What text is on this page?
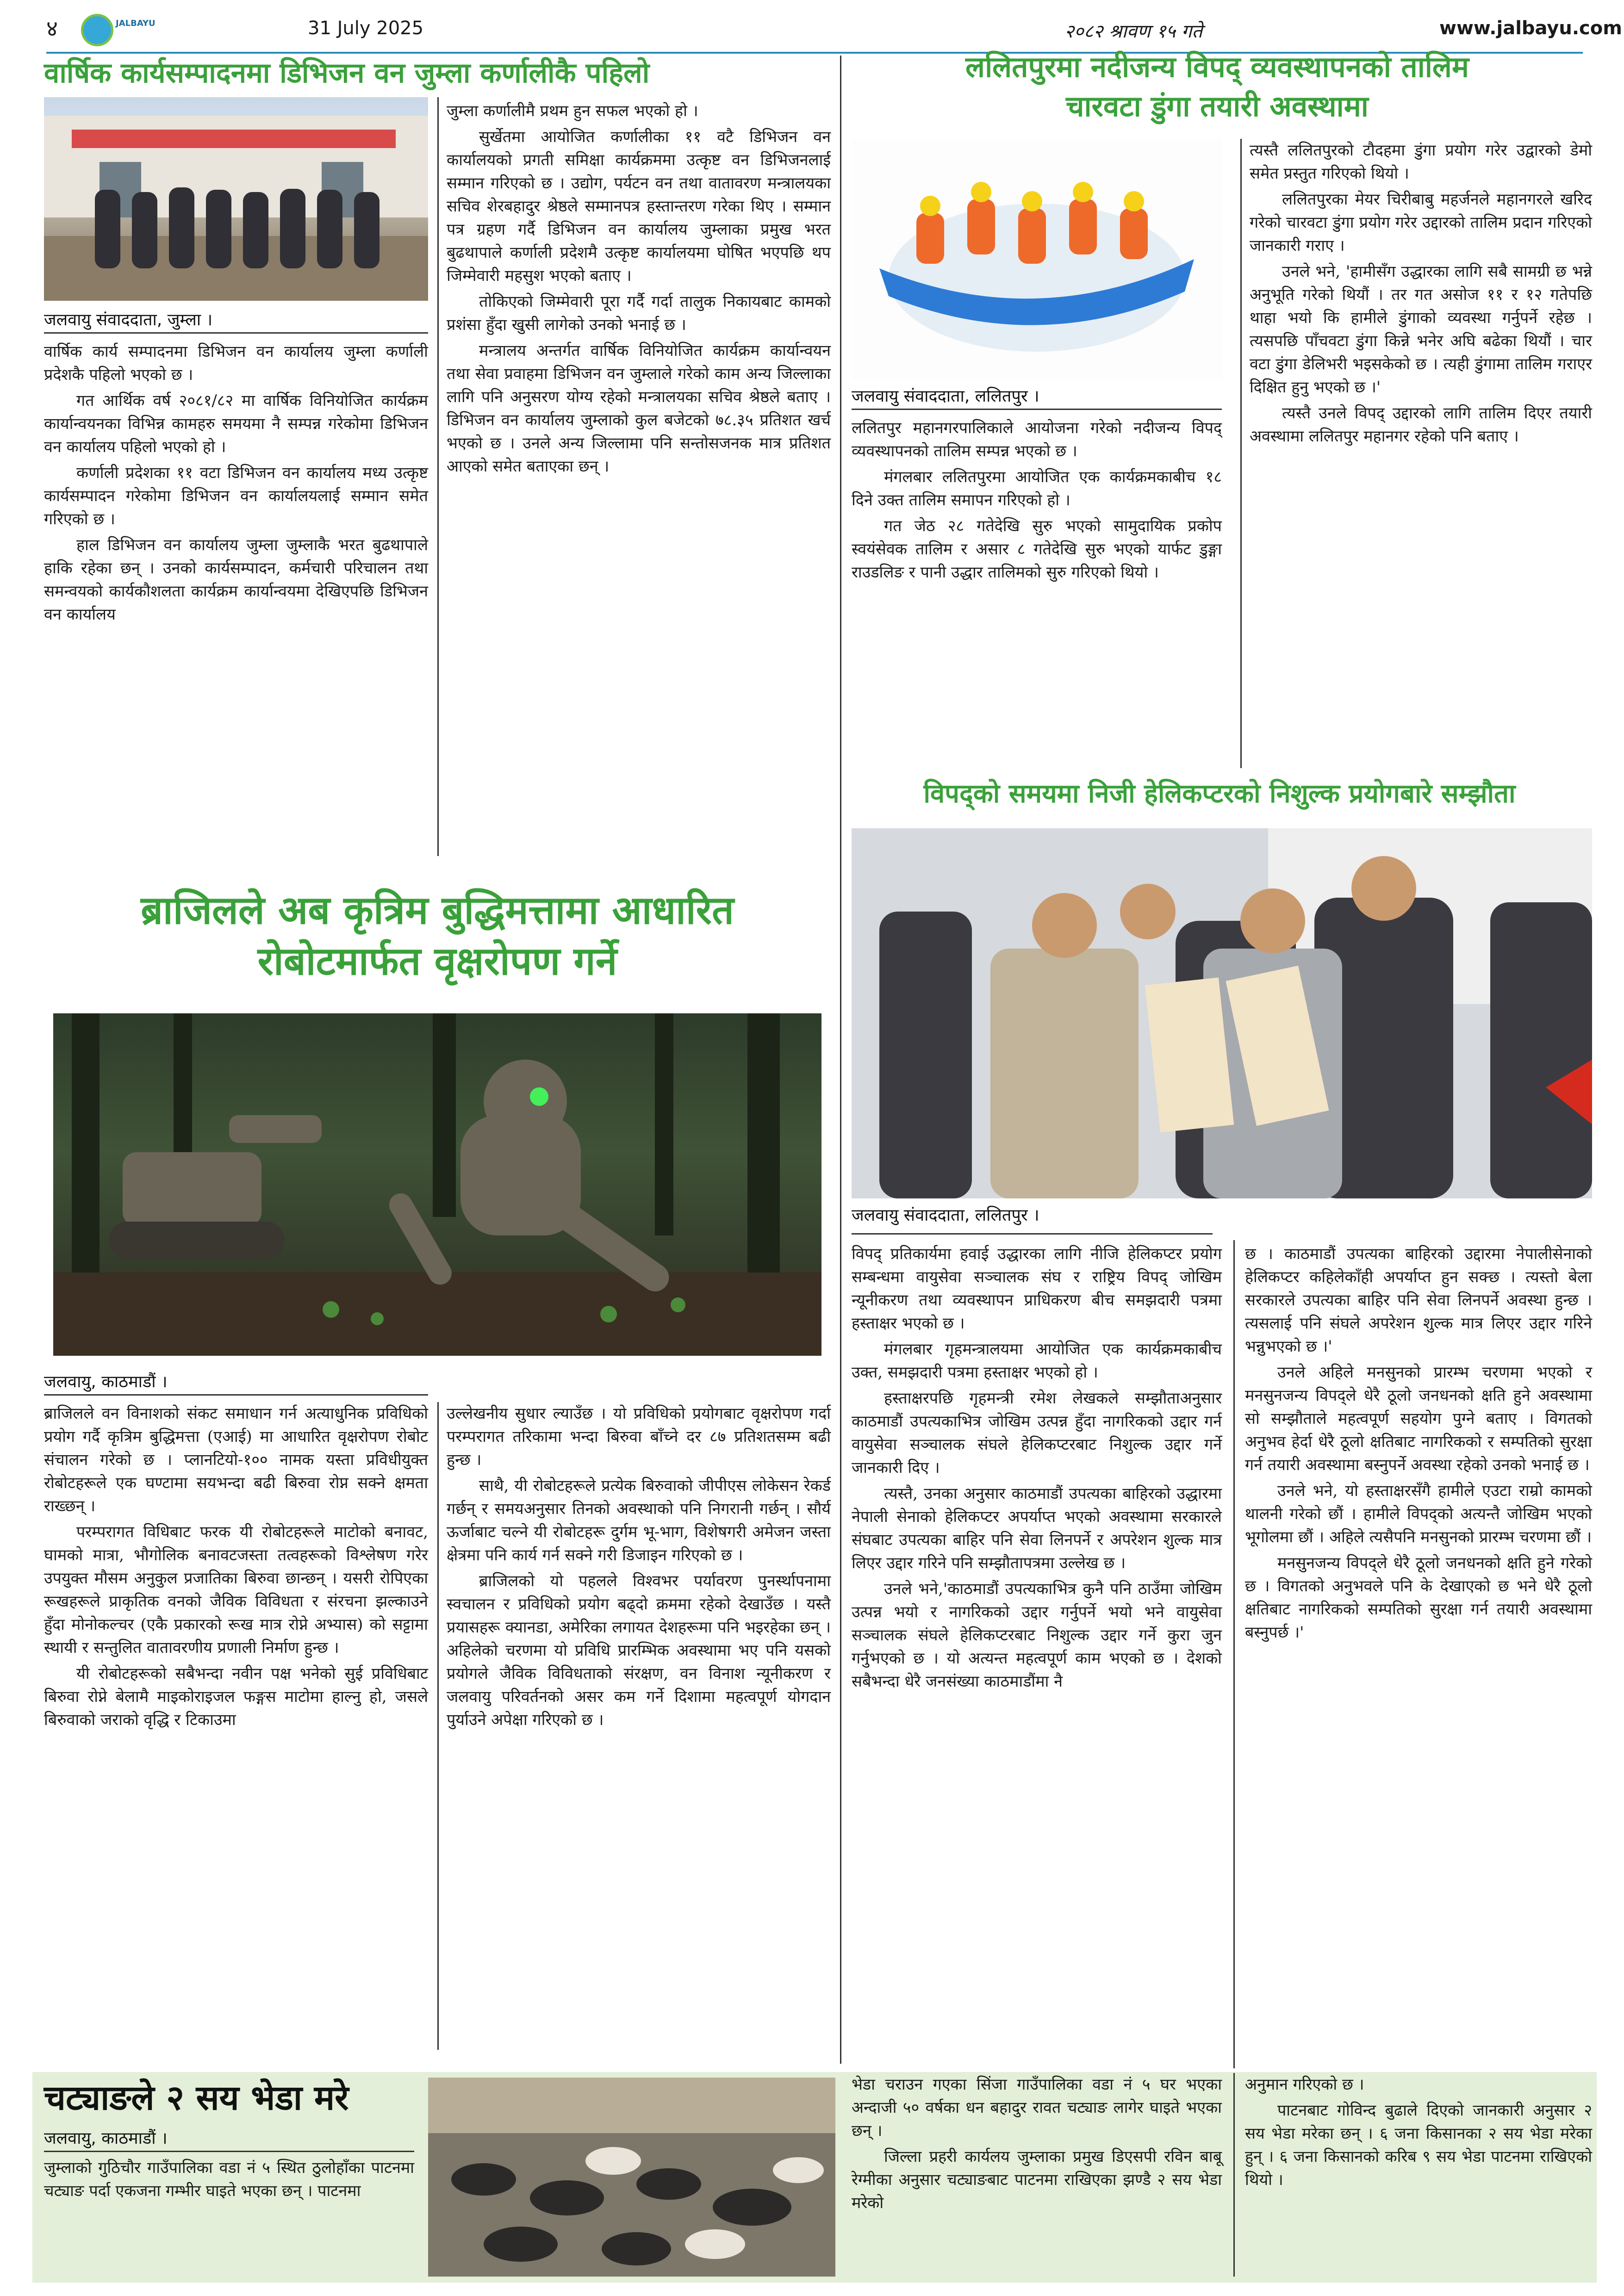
४	JALBAYU	31 July 2025	२०८२ श्रावण १५ गते	www.jalbayu.com
वार्षिक कार्यसम्पादनमा डिभिजन वन जुम्ला कर्णालीकै पहिलो
जलवायु संवाददाता, जुम्ला ।

वार्षिक कार्य सम्पादनमा डिभिजन वन कार्यालय जुम्ला कर्णाली प्रदेशकै पहिलो भएको छ ।

गत आर्थिक वर्ष २०८१/८२ मा वार्षिक विनियोजित कार्यक्रम कार्यान्वयनका विभिन्न कामहरु समयमा नै सम्पन्न गरेकोमा डिभिजन वन कार्यालय पहिलो भएको हो ।

कर्णाली प्रदेशका ११ वटा डिभिजन वन कार्यालय मध्य उत्कृष्ट कार्यसम्पादन गरेकोमा डिभिजन वन कार्यालयलाई सम्मान समेत गरिएको छ ।

हाल डिभिजन वन कार्यालय जुम्ला जुम्लाकै भरत बुढथापाले हाकि रहेका छन् । उनको कार्यसम्पादन, कर्मचारी परिचालन तथा समन्वयको कार्यकौशलता कार्यक्रम कार्यान्वयमा देखिएपछि डिभिजन वन कार्यालय

जुम्ला कर्णालीमै प्रथम हुन सफल भएको हो ।

सुर्खेतमा आयोजित कर्णालीका ११ वटै डिभिजन वन कार्यालयको प्रगती समिक्षा कार्यक्रममा उत्कृष्ट वन डिभिजनलाई सम्मान गरिएको छ । उद्योग, पर्यटन वन तथा वातावरण मन्त्रालयका सचिव शेरबहादुर श्रेष्ठले सम्मानपत्र हस्तान्तरण गरेका थिए । सम्मान पत्र ग्रहण गर्दै डिभिजन वन कार्यालय जुम्लाका प्रमुख भरत बुढथापाले कर्णाली प्रदेशमै उत्कृष्ट कार्यालयमा घोषित भएपछि थप जिम्मेवारी महसुश भएको बताए ।

तोकिएको जिम्मेवारी पूरा गर्दै गर्दा तालुक निकायबाट कामको प्रशंसा हुँदा खुसी लागेको उनको भनाई छ ।

मन्त्रालय अन्तर्गत वार्षिक विनियोजित कार्यक्रम कार्यान्वयन तथा सेवा प्रवाहमा डिभिजन वन जुम्लाले गरेको काम अन्य जिल्लाका लागि पनि अनुसरण योग्य रहेको मन्त्रालयका सचिव श्रेष्ठले बताए । डिभिजन वन कार्यालय जुम्लाको कुल बजेटको ७८.३५ प्रतिशत खर्च भएको छ । उनले अन्य जिल्लामा पनि सन्तोसजनक मात्र प्रतिशत आएको समेत बताएका छन् ।

ललितपुरमा नदीजन्य विपद् व्यवस्थापनको तालिम
चारवटा डुंगा तयारी अवस्थामा
जलवायु संवाददाता, ललितपुर ।

ललितपुर महानगरपालिकाले आयोजना गरेको नदीजन्य विपद् व्यवस्थापनको तालिम सम्पन्न भएको छ ।

मंगलबार ललितपुरमा आयोजित एक कार्यक्रमकाबीच १८ दिने उक्त तालिम समापन गरिएको हो ।

गत जेठ २८ गतेदेखि सुरु भएको सामुदायिक प्रकोप स्वयंसेवक तालिम र असार ८ गतेदेखि सुरु भएको यार्फट डुङ्गा राउडलिङ र पानी उद्धार तालिमको सुरु गरिएको थियो ।

त्यस्तै ललितपुरको टौदहमा डुंगा प्रयोग गरेर उद्वारको डेमो समेत प्रस्तुत गरिएको थियो ।

ललितपुरका मेयर चिरीबाबु महर्जनले महानगरले खरिद गरेको चारवटा डुंगा प्रयोग गरेर उद्दारको तालिम प्रदान गरिएको जानकारी गराए ।

उनले भने, 'हामीसँग उद्धारका लागि सबै सामग्री छ भन्ने अनुभूति गरेको थियौं । तर गत असोज ११ र १२ गतेपछि थाहा भयो कि हामीले डुंगाको व्यवस्था गर्नुपर्ने रहेछ । त्यसपछि पाँचवटा डुंगा किन्ने भनेर अघि बढेका थियौं । चार वटा डुंगा डेलिभरी भइसकेको छ । त्यही डुंगामा तालिम गराएर दिक्षित हुनु भएको छ ।'

त्यस्तै उनले विपद् उद्दारको लागि तालिम दिएर तयारी अवस्थामा ललितपुर महानगर रहेको पनि बताए ।

विपद्को समयमा निजी हेलिकप्टरको निशुल्क प्रयोगबारे सम्झौता
जलवायु संवाददाता, ललितपुर ।

विपद् प्रतिकार्यमा हवाई उद्धारका लागि नीजि हेलिकप्टर प्रयोग सम्बन्धमा वायुसेवा सञ्चालक संघ र राष्ट्रिय विपद् जोखिम न्यूनीकरण तथा व्यवस्थापन प्राधिकरण बीच समझदारी पत्रमा हस्ताक्षर भएको छ ।

मंगलबार गृहमन्त्रालयमा आयोजित एक कार्यक्रमकाबीच उक्त, समझदारी पत्रमा हस्ताक्षर भएको हो ।

हस्ताक्षरपछि गृहमन्त्री रमेश लेखकले सम्झौताअनुसार काठमाडौं उपत्यकाभित्र जोखिम उत्पन्न हुँदा नागरिकको उद्दार गर्न वायुसेवा सञ्चालक संघले हेलिकप्टरबाट निशुल्क उद्दार गर्ने जानकारी दिए ।

त्यस्तै, उनका अनुसार काठमाडौं उपत्यका बाहिरको उद्धारमा नेपाली सेनाको हेलिकप्टर अपर्याप्त भएको अवस्थामा सरकारले संघबाट उपत्यका बाहिर पनि सेवा लिनपर्ने र अपरेशन शुल्क मात्र लिएर उद्दार गरिने पनि सम्झौतापत्रमा उल्लेख छ ।

उनले भने,'काठमाडौं उपत्यकाभित्र कुनै पनि ठाउँमा जोखिम उत्पन्न भयो र नागरिकको उद्दार गर्नुपर्ने भयो भने वायुसेवा सञ्चालक संघले हेलिकप्टरबाट निशुल्क उद्दार गर्ने कुरा जुन गर्नुभएको छ । यो अत्यन्त महत्वपूर्ण काम भएको छ । देशको सबैभन्दा धेरै जनसंख्या काठमाडौंमा नै

छ । काठमाडौं उपत्यका बाहिरको उद्दारमा नेपालीसेनाको हेलिकप्टर कहिलेकाँही अपर्याप्त हुन सक्छ । त्यस्तो बेला सरकारले उपत्यका बाहिर पनि सेवा लिनपर्ने अवस्था हुन्छ । त्यसलाई पनि संघले अपरेशन शुल्क मात्र लिएर उद्दार गरिने भन्नुभएको छ ।'

उनले अहिले मनसुनको प्रारम्भ चरणमा भएको र मनसुनजन्य विपद्ले धेरै ठूलो जनधनको क्षति हुने अवस्थामा सो सम्झौताले महत्वपूर्ण सहयोग पुग्ने बताए । विगतको अनुभव हेर्दा धेरै ठूलो क्षतिबाट नागरिकको र सम्पतिको सुरक्षा गर्न तयारी अवस्थामा बस्नुपर्ने अवस्था रहेको उनको भनाई छ ।

उनले भने, यो हस्ताक्षरसँगै हामीले एउटा राम्रो कामको थालनी गरेको छौं । हामीले विपद्को अत्यन्तै जोखिम भएको भूगोलमा छौं । अहिले त्यसैपनि मनसुनको प्रारम्भ चरणमा छौं ।

मनसुनजन्य विपद्ले धेरै ठूलो जनधनको क्षति हुने गरेको छ । विगतको अनुभवले पनि के देखाएको छ भने धेरै ठूलो क्षतिबाट नागरिकको सम्पतिको सुरक्षा गर्न तयारी अवस्थामा बस्नुपर्छ ।'

ब्राजिलले अब कृत्रिम बुद्धिमत्तामा आधारित
रोबोटमार्फत वृक्षरोपण गर्ने
जलवायु, काठमाडौं ।

ब्राजिलले वन विनाशको संकट समाधान गर्न अत्याधुनिक प्रविधिको प्रयोग गर्दै कृत्रिम बुद्धिमत्ता (एआई) मा आधारित वृक्षरोपण रोबोट संचालन गरेको छ । प्लानटियो-१०० नामक यस्ता प्रविधीयुक्त रोबोटहरूले एक घण्टामा सयभन्दा बढी बिरुवा रोप्न सक्ने क्षमता राख्छन् ।

परम्परागत विधिबाट फरक यी रोबोटहरूले माटोको बनावट, घामको मात्रा, भौगोलिक बनावटजस्ता तत्वहरूको विश्लेषण गरेर उपयुक्त मौसम अनुकुल प्रजातिका बिरुवा छान्छन् । यसरी रोपिएका रूखहरूले प्राकृतिक वनको जैविक विविधता र संरचना झल्काउने हुँदा मोनोकल्चर (एकै प्रकारको रूख मात्र रोप्ने अभ्यास) को सट्टामा स्थायी र सन्तुलित वातावरणीय प्रणाली निर्माण हुन्छ ।

यी रोबोटहरूको सबैभन्दा नवीन पक्ष भनेको सुई प्रविधिबाट बिरुवा रोप्ने बेलामै माइकोराइजल फङ्गस माटोमा हाल्नु हो, जसले बिरुवाको जराको वृद्धि र टिकाउमा

उल्लेखनीय सुधार ल्याउँछ । यो प्रविधिको प्रयोगबाट वृक्षरोपण गर्दा परम्परागत तरिकामा भन्दा बिरुवा बाँच्ने दर ८७ प्रतिशतसम्म बढी हुन्छ ।

साथै, यी रोबोटहरूले प्रत्येक बिरुवाको जीपीएस लोकेसन रेकर्ड गर्छन् र समयअनुसार तिनको अवस्थाको पनि निगरानी गर्छन् । सौर्य ऊर्जाबाट चल्ने यी रोबोटहरू दुर्गम भू-भाग, विशेषगरी अमेजन जस्ता क्षेत्रमा पनि कार्य गर्न सक्ने गरी डिजाइन गरिएको छ ।

ब्राजिलको यो पहलले विश्वभर पर्यावरण पुनर्स्थापनामा स्वचालन र प्रविधिको प्रयोग बढ्दो क्रममा रहेको देखाउँछ । यस्तै प्रयासहरू क्यानडा, अमेरिका लगायत देशहरूमा पनि भइरहेका छन् । अहिलेको चरणमा यो प्रविधि प्रारम्भिक अवस्थामा भए पनि यसको प्रयोगले जैविक विविधताको संरक्षण, वन विनाश न्यूनीकरण र जलवायु परिवर्तनको असर कम गर्ने दिशामा महत्वपूर्ण योगदान पुर्याउने अपेक्षा गरिएको छ ।

चट्याङले २ सय भेडा मरे
जलवायु, काठमाडौं ।

जुम्लाको गुठिचौर गाउँपालिका वडा नं ५ स्थित ठुलोहाँका पाटनमा चट्याङ पर्दा एकजना गम्भीर घाइते भएका छन् । पाटनमा

भेडा चराउन गएका सिंजा गाउँपालिका वडा नं ५ घर भएका अन्दाजी ५० वर्षका धन बहादुर रावत चट्याङ लागेर घाइते भएका छन् ।

जिल्ला प्रहरी कार्यलय जुम्लाका प्रमुख डिएसपी रविन बाबू रेग्मीका अनुसार चट्याङबाट पाटनमा राखिएका झण्डै २ सय भेडा मरेको

अनुमान गरिएको छ ।

पाटनबाट गोविन्द बुढाले दिएको जानकारी अनुसार २ सय भेडा मरेका छन् । ६ जना किसानका २ सय भेडा मरेका हुन् । ६ जना किसानको करिब ९ सय भेडा पाटनमा राखिएको थियो ।
